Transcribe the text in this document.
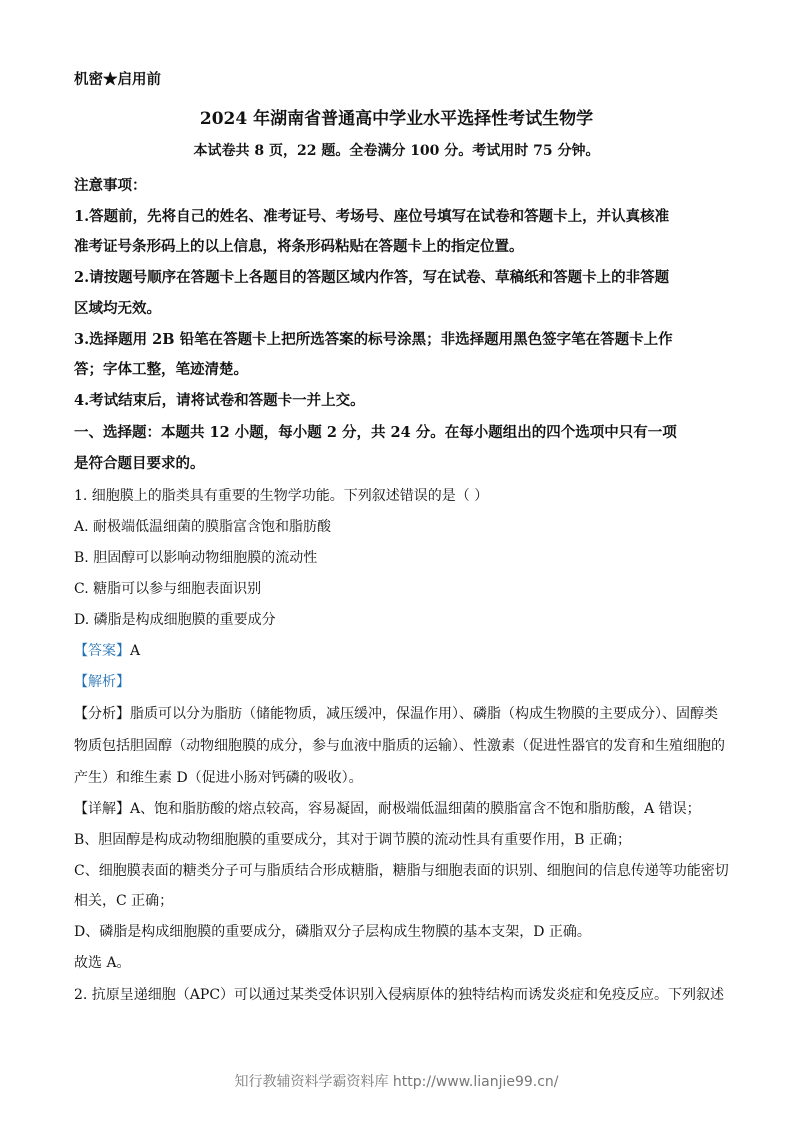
机密★启用前
2024 年湖南省普通高中学业水平选择性考试生物学
本试卷共 8 页，22 题。全卷满分 100 分。考试用时 75 分钟。
注意事项：
1.答题前，先将自己的姓名、准考证号、考场号、座位号填写在试卷和答题卡上，并认真核准
准考证号条形码上的以上信息，将条形码粘贴在答题卡上的指定位置。
2.请按题号顺序在答题卡上各题目的答题区域内作答，写在试卷、草稿纸和答题卡上的非答题
区域均无效。
3.选择题用 2B 铅笔在答题卡上把所选答案的标号涂黑；非选择题用黑色签字笔在答题卡上作
答；字体工整，笔迹清楚。
4.考试结束后，请将试卷和答题卡一并上交。
一、选择题：本题共 12 小题，每小题 2 分，共 24 分。在每小题组出的四个选项中只有一项
是符合题目要求的。
1. 细胞膜上的脂类具有重要的生物学功能。下列叙述错误的是（ ）
A. 耐极端低温细菌的膜脂富含饱和脂肪酸
B. 胆固醇可以影响动物细胞膜的流动性
C. 糖脂可以参与细胞表面识别
D. 磷脂是构成细胞膜的重要成分
【答案】A
【解析】
【分析】脂质可以分为脂肪（储能物质，减压缓冲，保温作用）、磷脂（构成生物膜的主要成分）、固醇类
物质包括胆固醇（动物细胞膜的成分，参与血液中脂质的运输）、性激素（促进性器官的发育和生殖细胞的
产生）和维生素 D（促进小肠对钙磷的吸收）。
【详解】A、饱和脂肪酸的熔点较高，容易凝固，耐极端低温细菌的膜脂富含不饱和脂肪酸，A 错误；
B、胆固醇是构成动物细胞膜的重要成分，其对于调节膜的流动性具有重要作用，B 正确；
C、细胞膜表面的糖类分子可与脂质结合形成糖脂，糖脂与细胞表面的识别、细胞间的信息传递等功能密切
相关，C 正确；
D、磷脂是构成细胞膜的重要成分，磷脂双分子层构成生物膜的基本支架，D 正确。
故选 A。
2. 抗原呈递细胞（APC）可以通过某类受体识别入侵病原体的独特结构而诱发炎症和免疫反应。下列叙述
知行教辅资料学霸资料库 http://www.lianjie99.cn/
